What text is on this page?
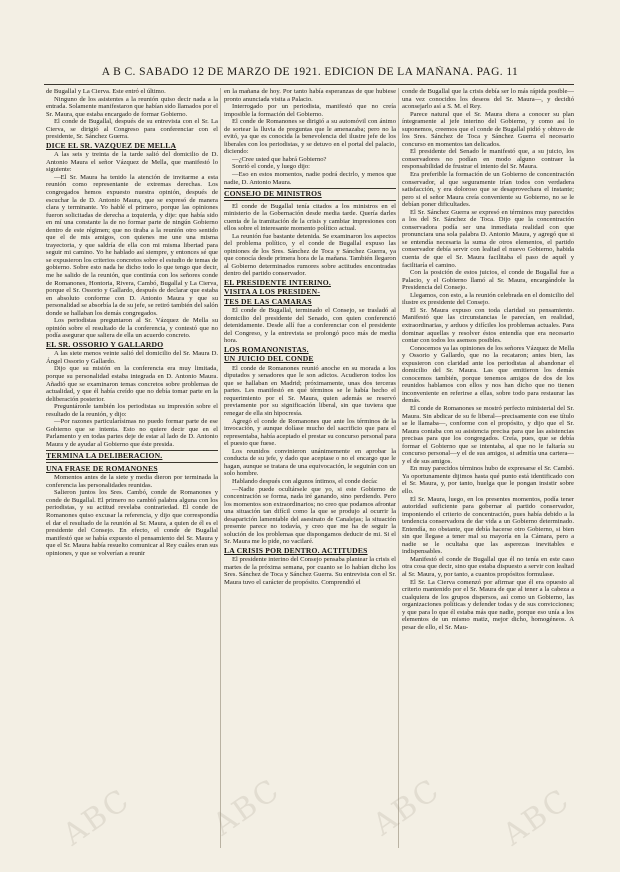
A B C. SABADO 12 DE MARZO DE 1921. EDICION DE LA MAÑANA. PAG. 11

de Bugallal y La Cierva. Este entró el último.

Ninguno de los asistentes a la reunión quiso decir nada a la entrada. Solamente manifestaron que habían sido llamados por el Sr. Maura, que estaba encargado de formar Gobierno.

El conde de Bugallal, después de su entrevista con el Sr. La Cierva, se dirigió al Congreso para conferenciar con el presidente, Sr. Sánchez Guerra.

DICE EL SR. VAZQUEZ DE MELLA

A las seis y treinta de la tarde salió del domicilio de D. Antonio Maura el señor Vázquez de Mella, que manifestó lo siguiente:

—El Sr. Maura ha tenido la atención de invitarme a esta reunión como representante de extremas derechas. Los congregados hemos expuesto nuestra opinión, después de escuchar la de D. Antonio Maura, que se expresó de manera clara y terminante. Yo hablé el primero, porque las opiniones fueron solicitadas de derecha a izquierda, y dije: que había sido en mí una constante la de no formar parte de ningún Gobierno dentro de este régimen; que no tiraba a la reunión otro sentido que el de mis amigos, con quienes me une una misma trayectoria, y que saldría de ella con mi misma libertad para seguir mi camino. Yo he hablado así siempre, y entonces sé que se expusieron los criterios concretos sobre el estudio de temas de gobierno. Sobre esto nada he dicho todo lo que tengo que decir, me he salido de la reunión, que continúa con los señores conde de Romanones, Hontoria, Rivera, Cambó, Bugallal y La Cierva, porque el Sr. Ossorio y Gallardo, después de declarar que estaba en absoluto conforme con D. Antonio Maura y que su personalidad se absorbía la de su jefe, se retiró también del salón donde se hallaban los demás congregados.

Los periodistas preguntaron al Sr. Vázquez de Mella su opinión sobre el resultado de la conferencia, y contestó que no podía asegurar que saliera de ella un acuerdo concreto.

EL SR. OSSORIO Y GALLARDO

A las siete menos veinte salió del domicilio del Sr. Maura D. Ángel Ossorio y Gallardo.

Dijo que su misión en la conferencia era muy limitada, porque su personalidad estaba integrada en D. Antonio Maura. Añadió que se examinaron temas concretos sobre problemas de actualidad, y que él había creído que no debía tomar parte en la deliberación posterior.

Preguntáronle también los periodistas su impresión sobre el resultado de la reunión, y dijo:

—Por razones particularísimas no puedo formar parte de ese Gobierno que se intenta. Esto no quiere decir que en el Parlamento y en todas partes deje de estar al lado de D. Antonio Maura y de ayudar al Gobierno que éste presida.

TERMINA LA DELIBERACION.
UNA FRASE DE ROMANONES

Momentos antes de la siete y media dieron por terminada la conferencia las personalidades reunidas.

Salieron juntos los Sres. Cambó, conde de Romanones y conde de Bugallal. El primero no cambió palabra alguna con los periodistas, y su actitud revelaba contrariedad. El conde de Romanones quiso excusar la referencia, y dijo que correspondía el dar el resultado de la reunión al Sr. Maura, a quien de él es el presidente del Consejo. En efecto, el conde de Bugallal manifestó que se había expuesto el pensamiento del Sr. Maura y que el Sr. Maura había resuelto comunicar al Rey cuáles eran sus opiniones, y que se volverían a reunir

en la mañana de hoy. Por tanto había esperanzas de que hubiese pronto anunciada visita a Palacio.

Interrogado por un periodista, manifestó que no creía imposible la formación del Gobierno.

El conde de Romanones se dirigió a su automóvil con ánimo de sortear la lluvia de preguntas que le amenazaba; pero no la evitó, ya que es conocida la benevolencia del ilustre jefe de los liberales con los periodistas, y se detuvo en el portal del palacio, diciendo:

—¿Cree usted que habrá Gobierno?

Sonrió el conde, y luego dijo:

—Eso en estos momentos, nadie podrá decirlo, y menos que nadie, D. Antonio Maura.

CONSEJO DE MINISTROS

El conde de Bugallal tenía citados a los ministros en el ministerio de la Gobernación desde media tarde. Quería darles cuenta de la tramitación de la crisis y cambiar impresiones con ellos sobre el interesante momento político actual.

La reunión fue bastante detenida. Se examinaron los aspectos del problema político, y el conde de Bugallal expuso las opiniones de los Sres. Sánchez de Toca y Sánchez Guerra, ya que conocía desde primera hora de la mañana. También llegaron al Gobierno determinados rumores sobre actitudes encontradas dentro del partido conservador.

EL PRESIDENTE INTERINO.
VISITA A LOS PRESIDEN-
TES DE LAS CAMARAS

El conde de Bugallal, terminado el Consejo, se trasladó al domicilio del presidente del Senado, con quien conferenció detenidamente. Desde allí fue a conferenciar con el presidente del Congreso, y la entrevista se prolongó poco más de media hora.

LOS ROMANONISTAS.
UN JUICIO DEL CONDE

El conde de Romanones reunió anoche en su morada a los diputados y senadores que le son adictos. Acudieron todos los que se hallaban en Madrid; próximamente, unas dos terceras partes. Les manifestó en qué términos se le había hecho el requerimiento por el Sr. Maura, quien además se reservó previamente por su significación liberal, sin que tuviera que renegar de ella sin hipocresía.

Agregó el conde de Romanones que ante los términos de la invocación, y aunque dolíase mucho del sacrificio que para el representaba, había aceptado el prestar su concurso personal para el puesto que fuese.

Los reunidos convinieron unánimemente en aprobar la conducta de su jefe, y dado que aceptase o no el encargo que le hagan, aunque se tratara de una equivocación, le seguirán con un solo hombre.

Hablando después con algunos íntimos, el conde decía:

—Nadie puede ocultársele que yo, si este Gobierno de concentración se forma, nada iré ganando, sino perdiendo. Pero los momentos son extraordinarios; no creo que podamos afrontar una situación tan difícil como la que se produjo al ocurrir la desaparición lamentable del asesinato de Canalejas; la situación presente parece no todavía, y creo que me ha de seguir la solución de los problemas que dispongamos deducir de mi. Si el Sr. Maura me lo pide, no vacilaré.

LA CRISIS POR DENTRO. ACTITUDES

El presidente interino del Consejo pensaba plantear la crisis el martes de la próxima semana, por cuanto se lo habían dicho los Sres. Sánchez de Toca y Sánchez Guerra. Su entrevista con el Sr. Maura tuvo el carácter de propósito. Comprendió el

conde de Bugallal que la crisis debía ser lo más rápida posible—una vez conocidos los deseos del Sr. Maura—, y decidió aconsejarlo así a S. M. el Rey.

Parece natural que el Sr. Maura diera a conocer su plan íntegramente al jefe interino del Gobierno, y como así lo suponemos, creemos que el conde de Bugallal pidió y obtuvo de los Sres. Sánchez de Toca y Sánchez Guerra el necesario concurso en momentos tan delicados.

El presidente del Senado le manifestó que, a su juicio, los conservadores no podían en modo alguno contraer la responsabilidad de frustrar el intento del Sr. Maura.

Era preferible la formación de un Gobierno de concentración conservador, al que seguramente irían todos con verdadera satisfacción, y era doloroso que se desaprovechara el instante; pero si el señor Maura creía conveniente su Gobierno, no se le debían poner dificultades.

El Sr. Sánchez Guerra se expresó en términos muy parecidos a los del Sr. Sánchez de Toca. Dijo que la concentración conservadora podía ser una inmediata realidad con que pronunciara una sola palabra D. Antonio Maura, y agregó que si se entendía necesaria la suma de otros elementos, el partido conservador debía servir con lealtad el nuevo Gobierno, habida cuenta de que el Sr. Maura facilitaba el paso de aquél y facilitaría el camino.

Con la posición de estos juicios, el conde de Bugallal fue a Palacio, y el Gobierno llamó al Sr. Maura, encargándole la Presidencia del Consejo.

Llegamos, con esto, a la reunión celebrada en el domicilio del ilustre ex presidente del Consejo.

El Sr. Maura expuso con toda claridad su pensamiento. Manifestó que las circunstancias le parecían, en realidad, extraordinarias, y arduos y difíciles los problemas actuales. Para dominar aquellas y resolver éstos entendía que era necesario contar con todos los asensos posibles.

Conocemos ya las opiniones de los señores Vázquez de Mella y Ossorio y Gallardo, que no la recataron; antes bien, las expusieron con claridad ante los periodistas al abandonar el domicilio del Sr. Maura. Las que emitieron los demás conocemos también, porque tenemos amigos de dos de los reunidos hablamos con ellos y nos han dicho que no tienen inconveniente en referirse a ellas, sobre todo para restaurar las demás.

El conde de Romanones se mostró perfecto ministerial del Sr. Maura. Sin abdicar de su fe liberal—precisamente con ese título se le llamaba—, conforme con el propósito, y dijo que el Sr. Maura contaba con su asistencia precisa para que las asistencias precisas para que los congregados. Creía, pues, que se debía formar el Gobierno que se intentaba, al que no le faltaría su concurso personal—y el de sus amigos, si admitía una cartera—y el de sus amigos.

En muy parecidos términos hubo de expresarse el Sr. Cambó. Ya oportunamente dijimos hasta qué punto está identificado con el Sr. Maura, y, por tanto, huelga que le pongan insistir sobre ello.

El Sr. Maura, luego, en los presentes momentos, podía tener autoridad suficiente para gobernar al partido conservador, imponiendo el criterio de concentración, pues había debido a la tendencia conservadora de dar vida a un Gobierno determinado. Entendía, no obstante, que debía hacerse otro Gobierno, si bien sin que llegase a tener mal su mayoría en la Cámara, pero a nadie se le ocultaba que las asperezas inevitables e indispensables.

Manifestó el conde de Bugallal que él no tenía en este caso otra cosa que decir, sino que estaba dispuesto a servir con lealtad al Sr. Maura, y, por tanto, a cuantos propósitos formulase.

El Sr. La Cierva comenzó por afirmar que él era opuesto al criterio mantenido por el Sr. Maura de que al tener a la cabeza a cualquiera de los grupos dispersos, así como un Gobierno, las organizaciones políticas y defender todas y de sus convicciones; y que para lo que él estaba más que nadie, porque eso unía a los elementos de un mismo matiz, mejor dicho, homogéneos. A pesar de ello, el Sr. Mau-

ABC ABC	ABC ABC
